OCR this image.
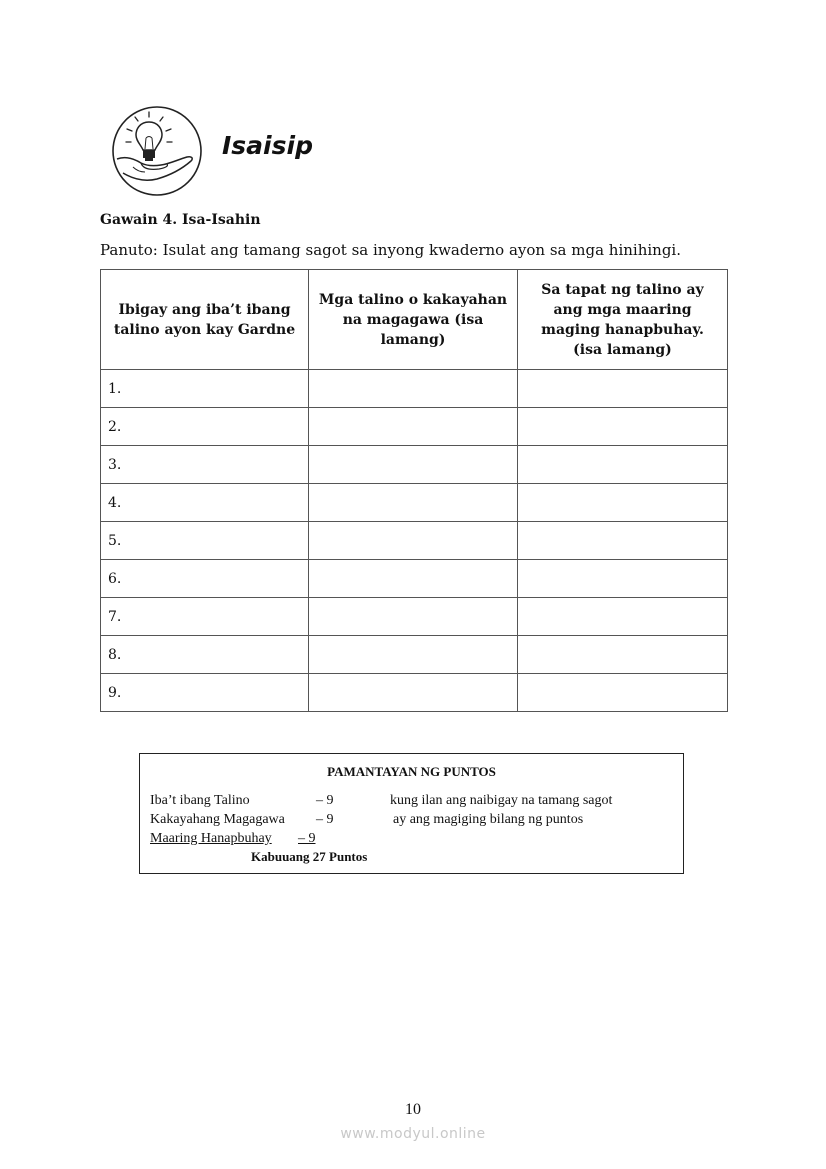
Isaisip
Gawain 4. Isa-Isahin
Panuto: Isulat ang tamang sagot sa inyong kwaderno ayon sa mga hinihingi.
Ibigay ang iba’t ibang talino ayon kay Gardne	Mga talino o kakayahan na magagawa (isa lamang)	Sa tapat ng talino ay ang mga maaring maging hanapbuhay. (isa lamang)
1.		
2.		
3.		
4.		
5.		
6.		
7.		
8.		
9.		
PAMANTAYAN NG PUNTOS
Iba’t ibang Talino	– 9	kung ilan ang naibigay na tamang sagot
Kakayahang Magagawa – 9	ay ang magiging bilang ng puntos
Maaring Hanapbuhay – 9
Kabuuang 27 Puntos
10
www.modyul.online
